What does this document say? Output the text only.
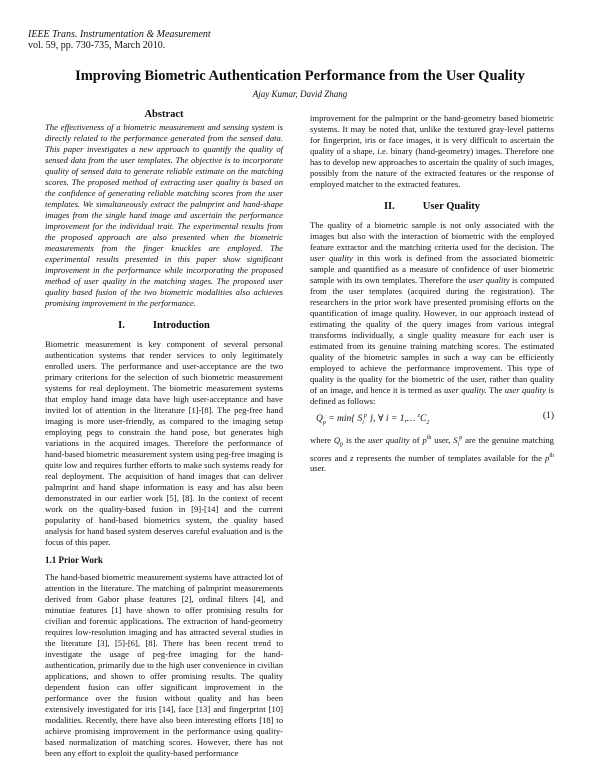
IEEE Trans. Instrumentation & Measurement
vol. 59, pp. 730-735, March 2010.
Improving Biometric Authentication Performance from the User Quality
Ajay Kumar, David Zhang
Abstract

The effectiveness of a biometric measurement and sensing system is directly related to the performance generated from the sensed data. This paper investigates a new approach to quantify the quality of sensed data from the user templates. The objective is to incorporate quality of sensed data to generate reliable estimate on the matching scores. The proposed method of extracting user quality is based on the confidence of generating reliable matching scores from the user templates. We simultaneously extract the palmprint and hand-shape images from the single hand image and ascertain the performance improvement for the individual trait. The experimental results from the proposed approach are also presented when the biometric measurements from the finger knuckles are employed. The experimental results presented in this paper show significant improvement in the performance while incorporating the proposed method of user quality in the matching stages. The proposed user quality based fusion of the two biometric modalities also achieves promising improvement in the performance.

I.	Introduction

Biometric measurement is key component of several personal authentication systems that render services to only legitimately enrolled users. The performance and user-acceptance are the two primary criterions for the selection of such biometric measurement systems for real deployment. The biometric measurement systems that employ hand image data have high user-acceptance and have invited lot of attention in the literature [1]-[8]. The peg-free hand imaging is more user-friendly, as compared to the imaging setup employing pegs to constrain the hand pose, but generates high variations in the acquired images. Therefore the performance of hand-based biometric measurement system using peg-free imaging is quite low and requires further efforts to make such systems ready for real deployment. The acquisition of hand images that can deliver palmprint and hand shape information is easy and has also been demonstrated in our earlier work [5], [8]. In the context of recent work on the quality-based fusion in [9]-[14] and the current popularity of hand-based biometrics system, the quality based analysis for hand based system deserves careful evaluation and is the focus of this paper.

1.1 Prior Work

The hand-based biometric measurement systems have attracted lot of attention in the literature. The matching of palmprint measurements derived from Gabor phase features [2], ordinal filters [4], and minutiae features [1] have shown to offer promising results for civilian and forensic applications. The extraction of hand-geometry requires low-resolution imaging and has attracted several studies in the literature [3], [5]-[6], [8]. There has been recent trend to investigate the usage of peg-free imaging for the hand-authentication, primarily due to the high user convenience in civilian applications, and shown to offer promising results. The quality dependent fusion can offer significant improvement in the performance over the fusion without quality and has been extensively investigated for iris [14], face [13] and fingerprint [10] modalities. Recently, there have also been interesting efforts [18] to achieve promising improvement in the performance using quality-based normalization of matching scores. However, there has not been any effort to exploit the quality-based performance

improvement for the palmprint or the hand-geometry based biometric systems. It may be noted that, unlike the textured gray-level patterns for fingerprint, iris or face images, it is very difficult to ascertain the quality of a shape, i.e. binary (hand-geometry) images. Therefore one has to develop new approaches to ascertain the quality of such images, possibly from the nature of the extracted features or the response of employed matcher to the extracted features.

II.	User Quality

The quality of a biometric sample is not only associated with the images but also with the interaction of biometric with the employed feature extractor and the matching criteria used for the decision. The user quality in this work is defined from the associated biometric sample and quantified as a measure of confidence of user biometric sample with its own templates. Therefore the user quality is computed from the user templates (acquired during the registration). The researchers in the prior work have presented promising efforts on the quantification of image quality. However, in our approach instead of estimating the quality of the query images from various integral transforms individually, a single quality measure for each user is estimated from its genuine training matching scores. The estimated quality of the biometric samples in such a way can be efficiently employed to achieve the performance improvement. This type of quality is the quality for the biometric of the user, rather than quality of an image, and hence it is termed as user quality. The user quality is defined as follows:

$Q_p = \min${ $S_i^p$ }, ∀ i = 1,… $^zC_2$
(1)

where $Q_p$ is the user quality of $p^{th}$ user, $S_i^p$ are the genuine matching scores and z represents the number of templates available for the $p^{th}$ user.
